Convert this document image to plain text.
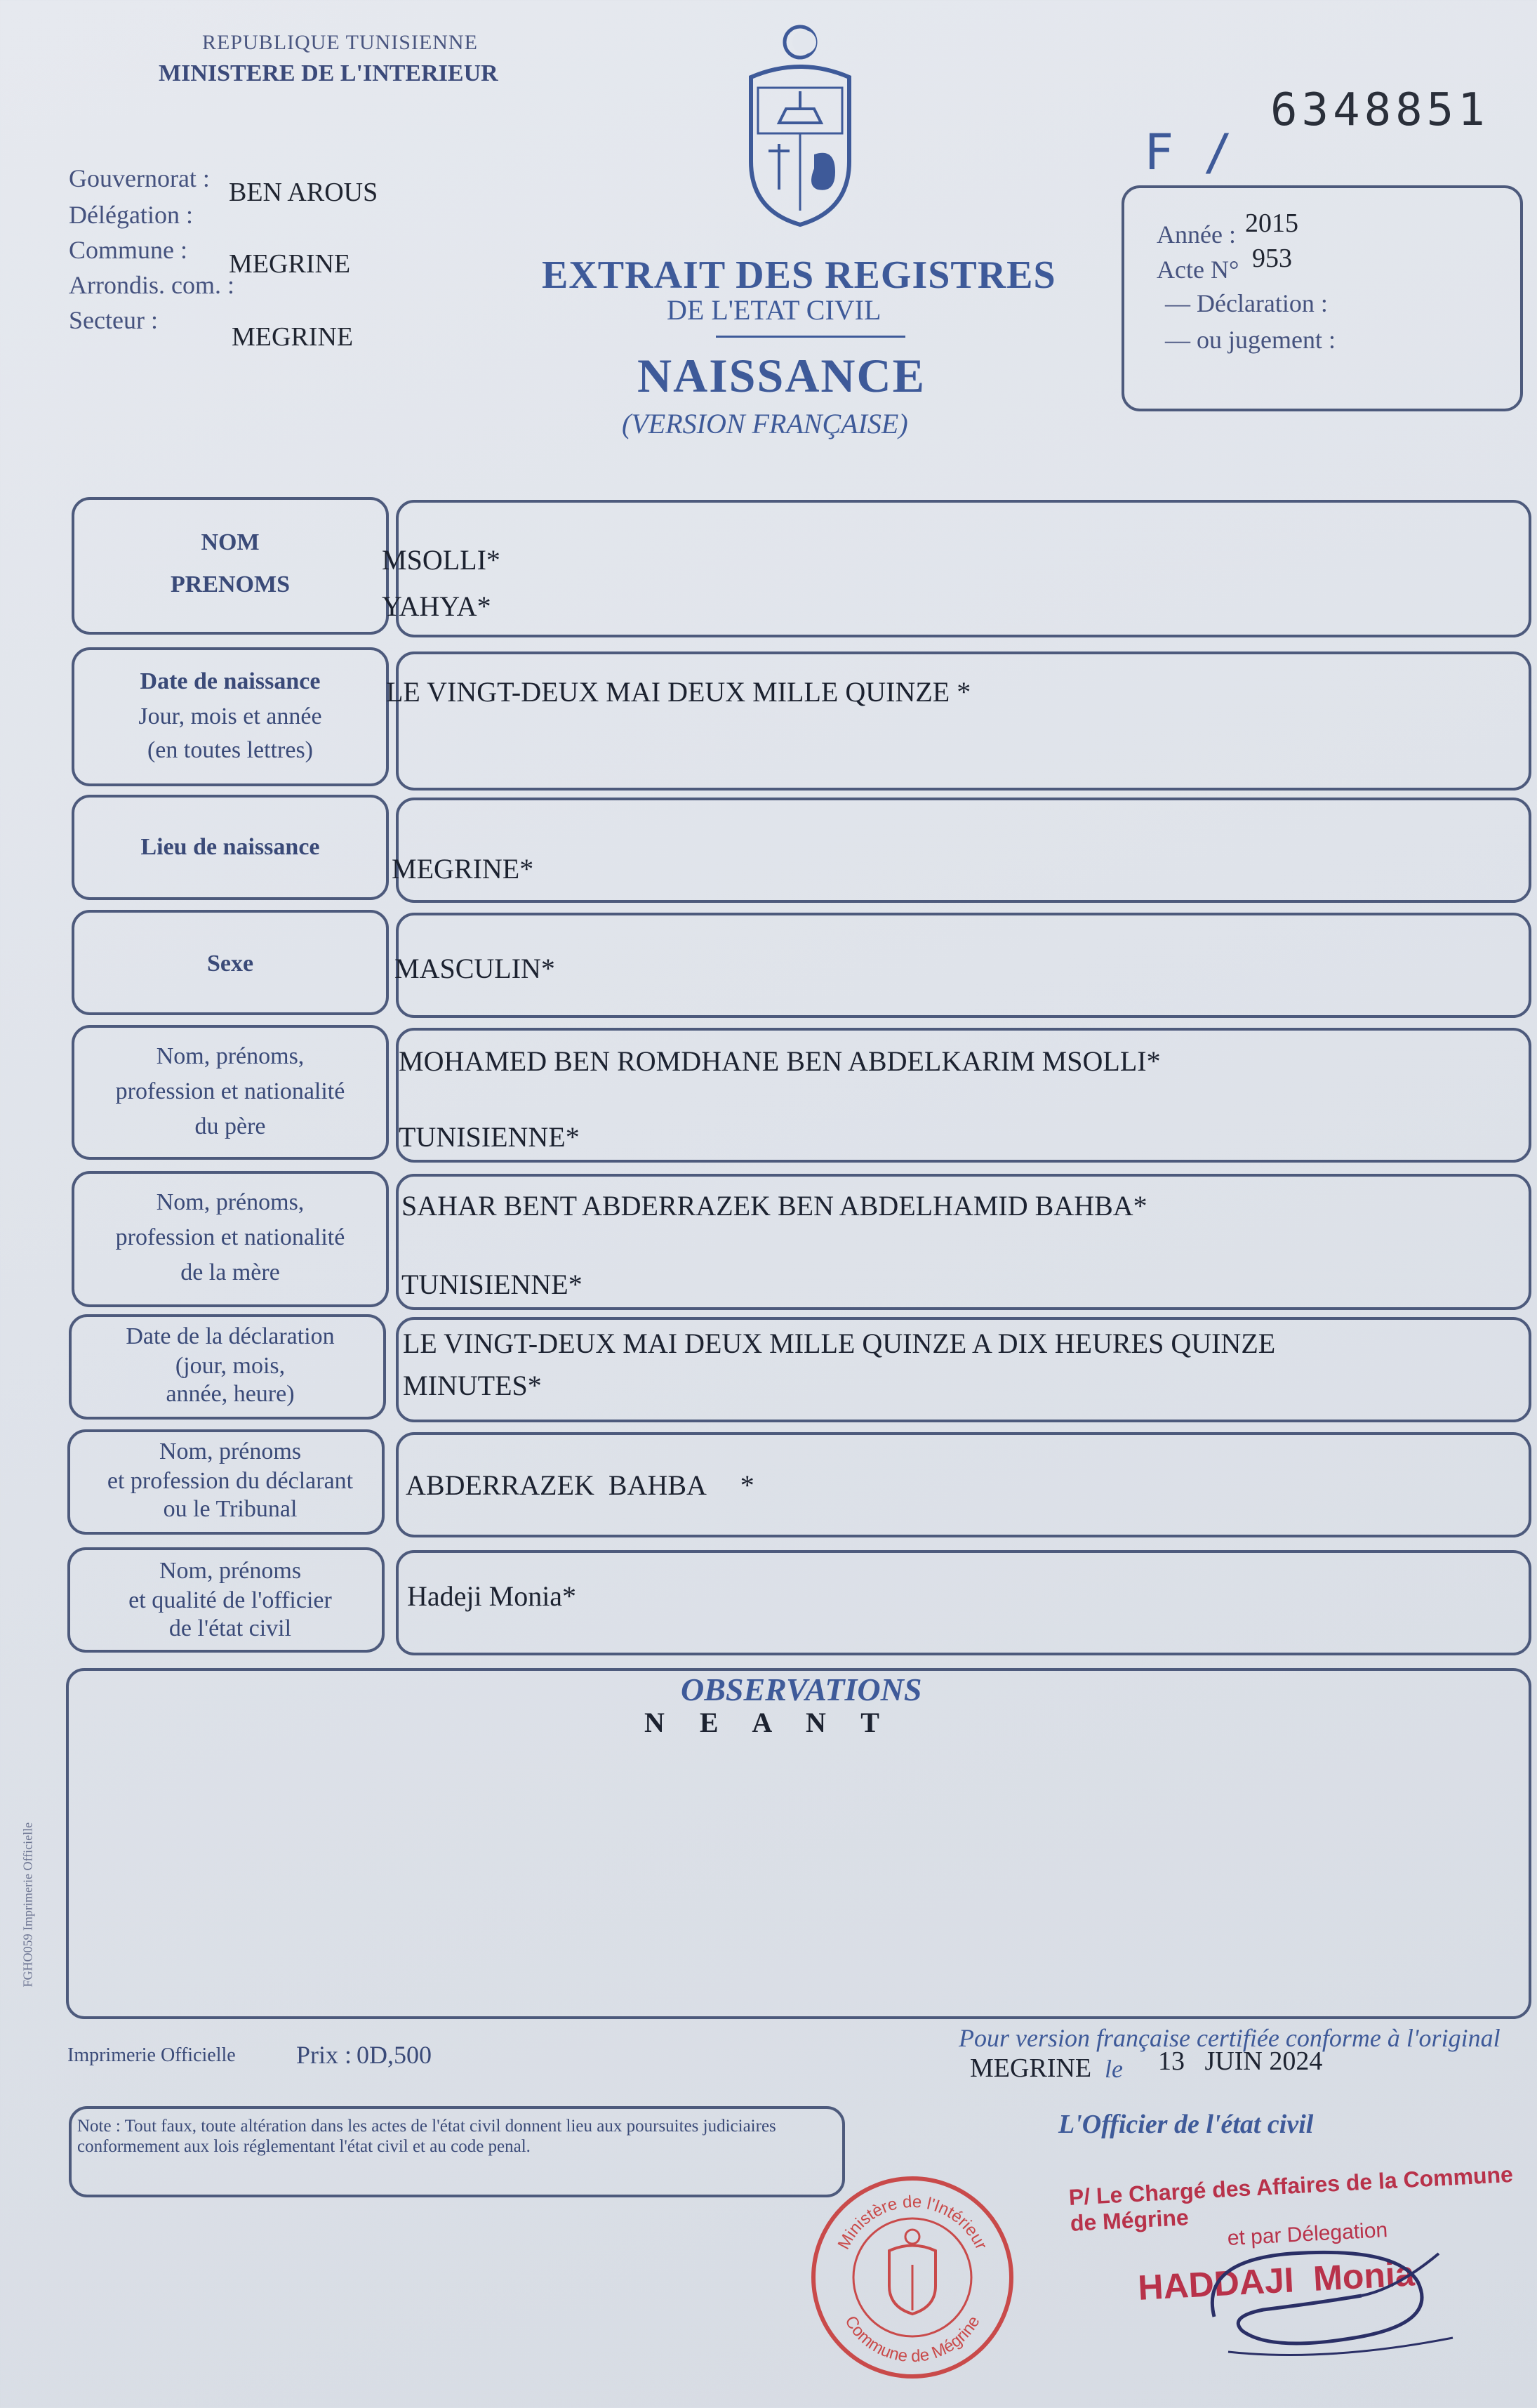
REPUBLIQUE TUNISIENNE
MINISTERE DE L'INTERIEUR
6348851
F /
Gouvernorat : BEN AROUS
Délégation :
Commune : MEGRINE
Arrondis. com. :
Secteur :
MEGRINE
EXTRAIT DES REGISTRES
DE L'ETAT CIVIL
NAISSANCE
(VERSION FRANÇAISE)
Année : 2015
Acte N° 953
— Déclaration :
— ou jugement :
NOM
PRENOMS
MSOLLI*
YAHYA*
Date de naissance
Jour, mois et année
(en toutes lettres)
LE VINGT-DEUX MAI DEUX MILLE QUINZE *
Lieu de naissance
MEGRINE*
Sexe	MASCULIN*
Nom, prénoms,
profession et nationalité
du père
MOHAMED BEN ROMDHANE BEN ABDELKARIM MSOLLI*
TUNISIENNE*
Nom, prénoms,
profession et nationalité
de la mère
SAHAR BENT ABDERRAZEK BEN ABDELHAMID BAHBA*
TUNISIENNE*
Date de la déclaration
(jour, mois,
année, heure)
LE VINGT-DEUX MAI DEUX MILLE QUINZE A DIX HEURES QUINZE
MINUTES*
Nom, prénoms
et profession du déclarant
ou le Tribunal
ABDERRAZEK  BAHBA     *
Nom, prénoms
et qualité de l'officier
de l'état civil
Hadeji Monia*
OBSERVATIONS
N E A N T
FGHO059 Imprimerie Officielle
Imprimerie Officielle Prix : 0D,500
Pour version française certifiée conforme à l'original
MEGRINE le 13   JUIN 2024
L'Officier de l'état civil
Note : Tout faux, toute altération dans les actes de l'état civil donnent lieu aux poursuites judiciaires conformement aux lois réglementant l'état civil et au code penal.
Ministère de l'Intérieur
Commune de Mégrine
P/ Le Chargé des Affaires de la Commune de Mégrine	et par Délegation
HADDAJI  Monia
